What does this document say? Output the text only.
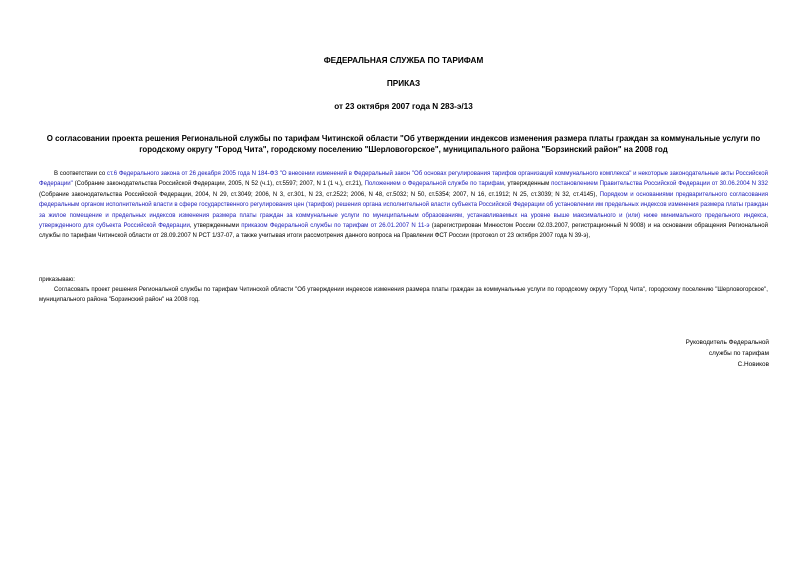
ФЕДЕРАЛЬНАЯ СЛУЖБА ПО ТАРИФАМ
ПРИКАЗ
от 23 октября 2007 года N 283-э/13
О согласовании проекта решения Региональной службы по тарифам Читинской области "Об утверждении индексов изменения размера платы граждан за коммунальные услуги по городскому округу "Город Чита", городскому поселению "Шерловогорское", муниципального района "Борзинский район" на 2008 год
В соответствии со ст.6 Федерального закона от 26 декабря 2005 года N 184-ФЗ "О внесении изменений в Федеральный закон "Об основах регулирования тарифов организаций коммунального комплекса" и некоторые законодательные акты Российской Федерации" (Собрание законодательства Российской Федерации, 2005, N 52 (ч.1), ст.5597; 2007, N 1 (1 ч.), ст.21), Положением о Федеральной службе по тарифам, утвержденным постановлением Правительства Российской Федерации от 30.06.2004 N 332 (Собрание законодательства Российской Федерации, 2004, N 29, ст.3049; 2006, N 3, ст.301, N 23, ст.2522; 2006, N 48, ст.5032; N 50, ст.5354; 2007, N 16, ст.1912; N 25, ст.3039; N 32, ст.4145), Порядком и основаниями предварительного согласования федеральным органом исполнительной власти в сфере государственного регулирования цен (тарифов) решения органа исполнительной власти субъекта Российской Федерации об установлении им предельных индексов изменения размера платы граждан за жилое помещение и предельных индексов изменения размера платы граждан за коммунальные услуги по муниципальным образованиям, устанавливаемых на уровне выше максимального и (или) ниже минимального предельного индекса, утвержденного для субъекта Российской Федерации, утвержденными приказом Федеральной службы по тарифам от 26.01.2007 N 11-э (зарегистрирован Минюстом России 02.03.2007, регистрационный N 9008) и на основании обращения Региональной службы по тарифам Читинской области от 28.09.2007 N РСТ 1/37-07, а также учитывая итоги рассмотрения данного вопроса на Правлении ФСТ России (протокол от 23 октября 2007 года N 39-э),
приказываю:
Согласовать проект решения Региональной службы по тарифам Читинской области "Об утверждении индексов изменения размера платы граждан за коммунальные услуги по городскому округу "Город Чита", городскому поселению "Шерловогорское", муниципального района "Борзинский район" на 2008 год.
Руководитель Федеральной
службы по тарифам
С.Новиков
